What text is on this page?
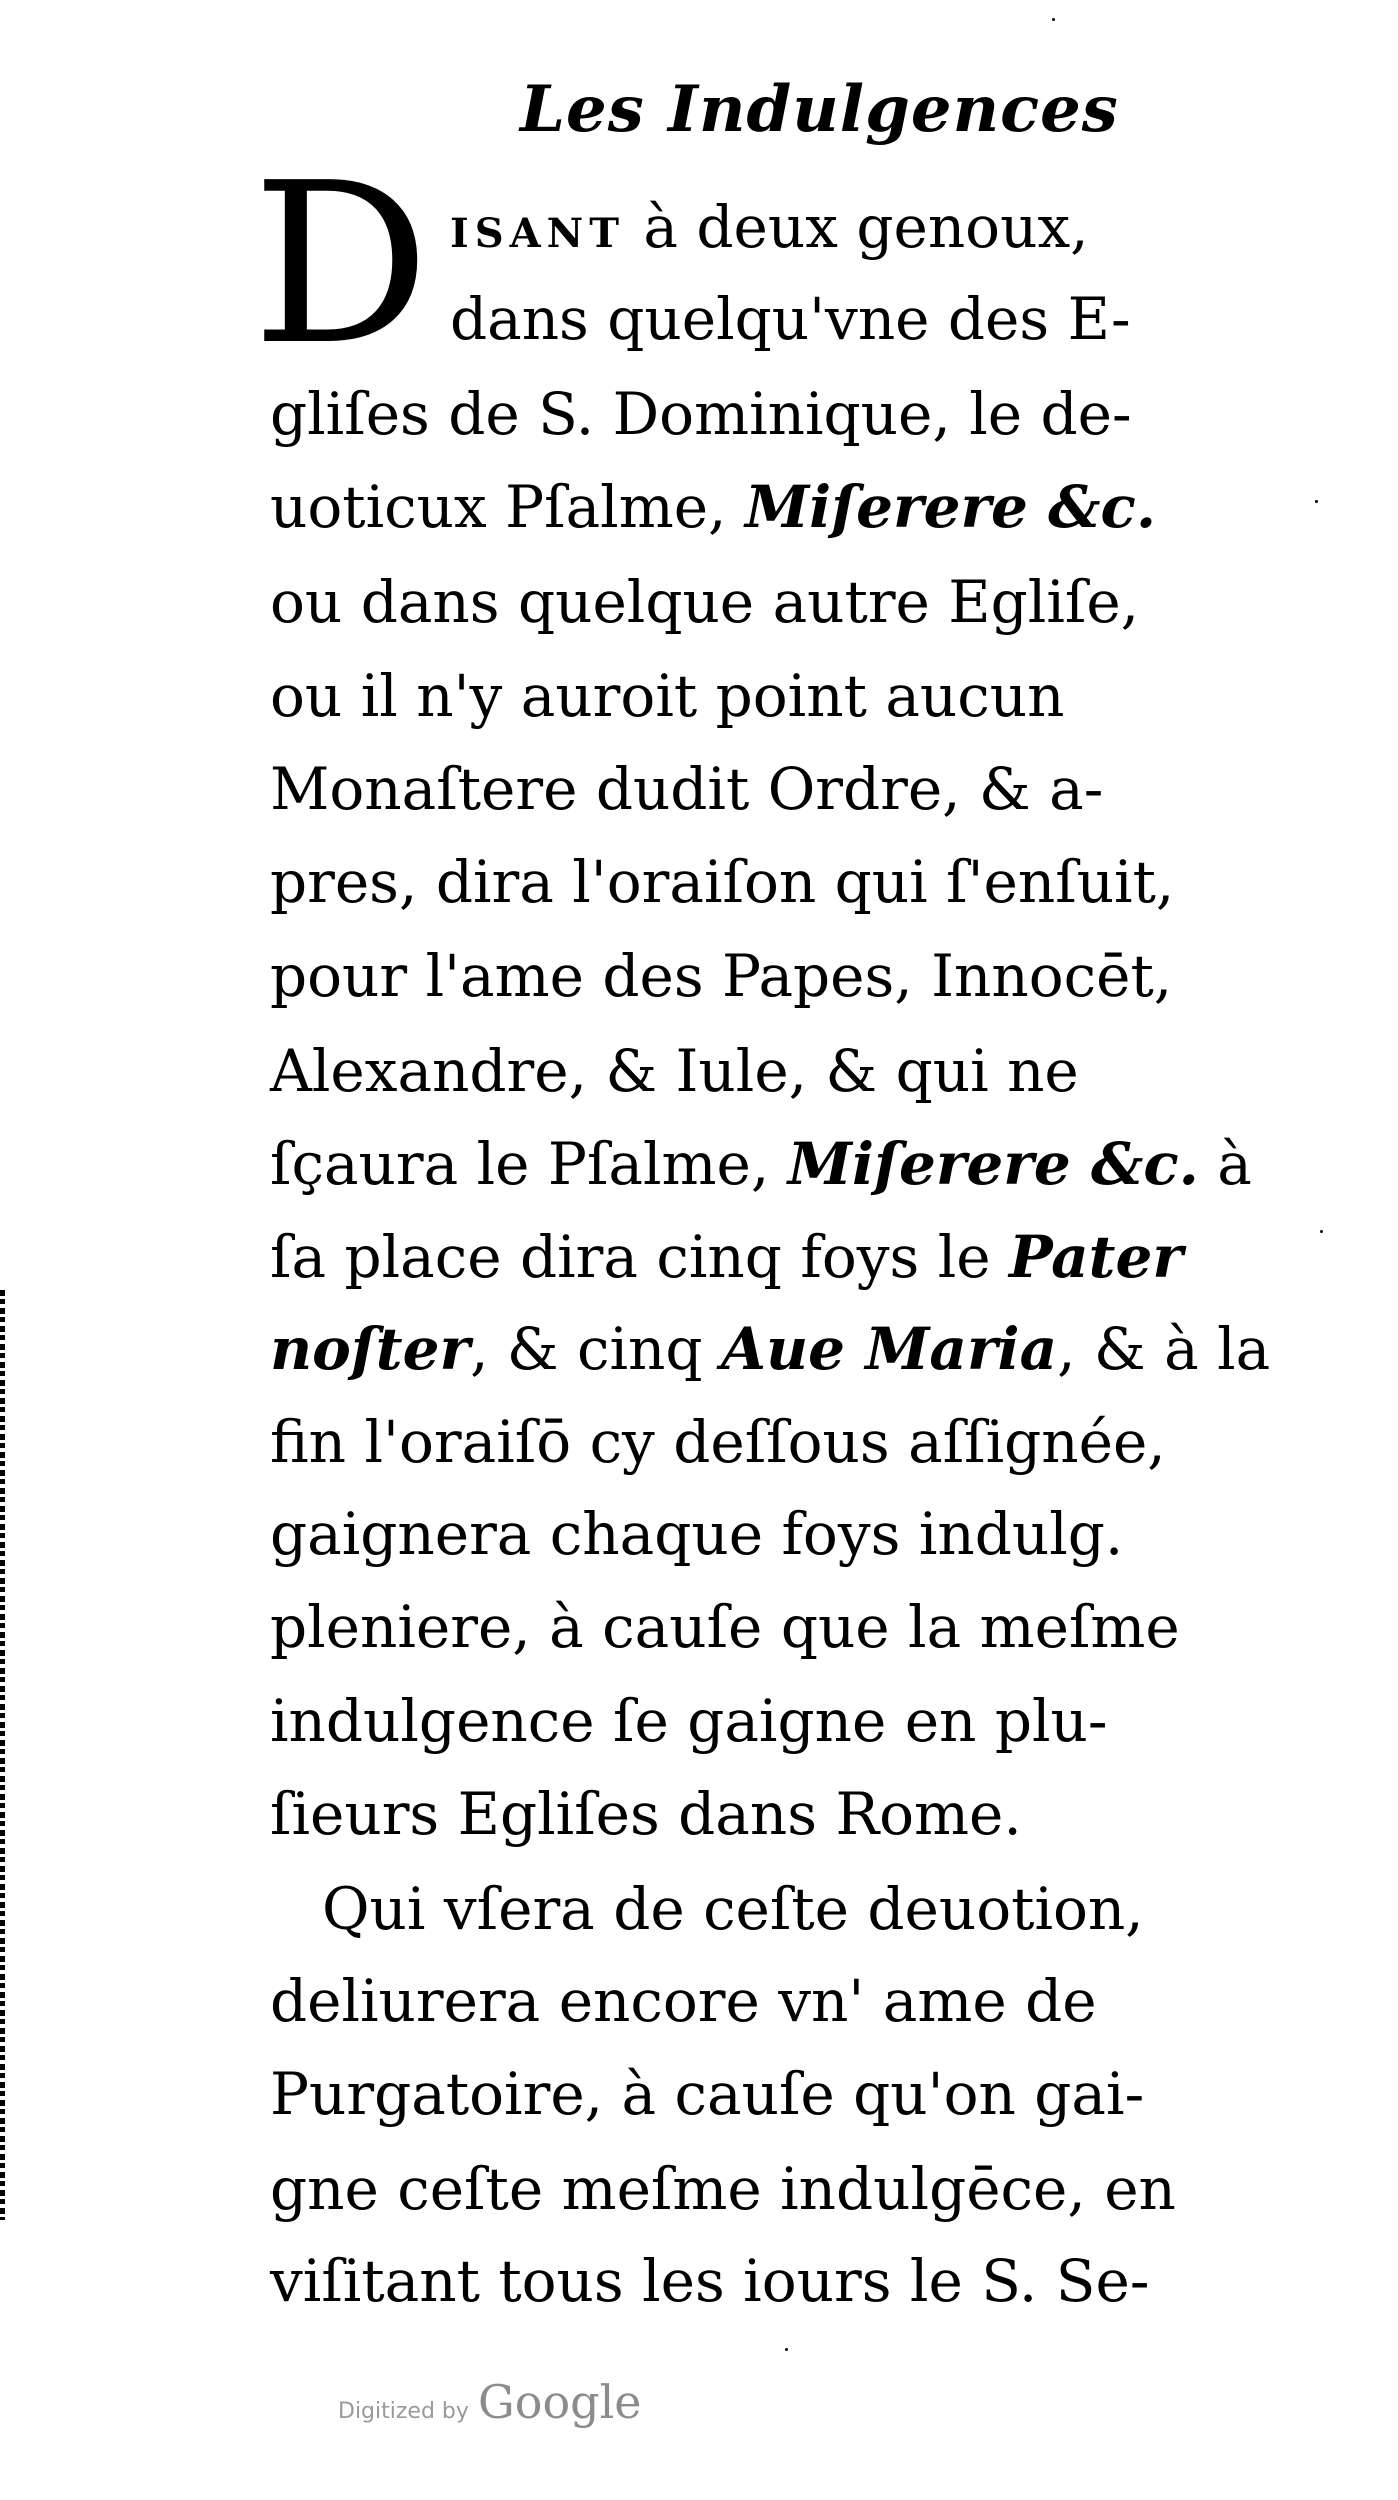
Les Indulgences
D ISANT à deux genoux,
dans quelqu'vne des E-
gliſes de S. Dominique, le de-
uoticux Pſalme, Miſerere &c.
ou dans quelque autre Egliſe,
ou il n'y auroit point aucun
Monaſtere dudit Ordre, & a-
pres, dira l'oraiſon qui ſ'enſuit,
pour l'ame des Papes, Innocēt,
Alexandre, & Iule, & qui ne
ſçaura le Pſalme, Miſerere &c. à
ſa place dira cinq foys le Pater
noſter, & cinq Aue Maria, & à la
fin l'oraiſō cy deſſous aſſignée,
gaignera chaque foys indulg.
pleniere, à cauſe que la meſme
indulgence ſe gaigne en plu-
ſieurs Egliſes dans Rome.
Qui vſera de ceſte deuotion,
deliurera encore vn' ame de
Purgatoire, à cauſe qu'on gai-
gne ceſte meſme indulgēce, en
viſitant tous les iours le S. Se-
Digitized by Google
